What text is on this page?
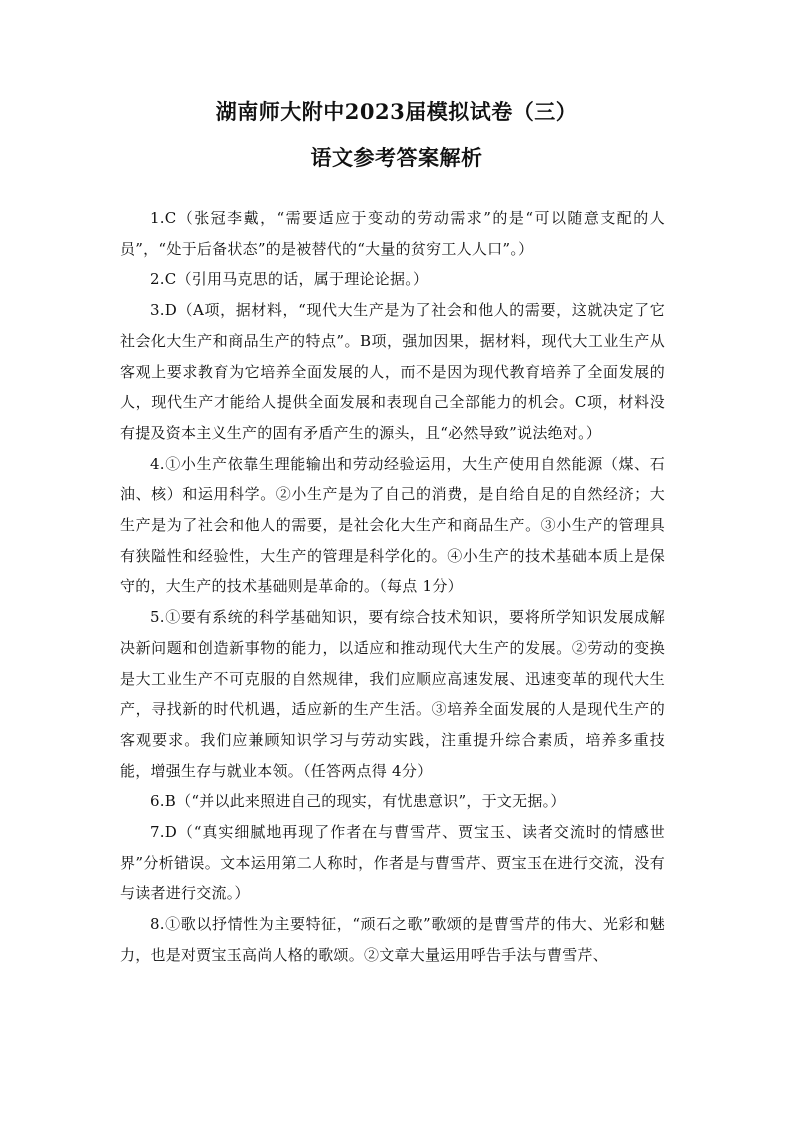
湖南师大附中2023届模拟试卷（三）
语文参考答案解析

1.C（张冠李戴，“需要适应于变动的劳动需求”的是“可以随意支配的人员”，“处于后备状态”的是被替代的“大量的贫穷工人人口”。）

2.C（引用马克思的话，属于理论论据。）

3.D（A项，据材料，“现代大生产是为了社会和他人的需要，这就决定了它社会化大生产和商品生产的特点”。B项，强加因果，据材料，现代大工业生产从客观上要求教育为它培养全面发展的人，而不是因为现代教育培养了全面发展的人，现代生产才能给人提供全面发展和表现自己全部能力的机会。C项，材料没有提及资本主义生产的固有矛盾产生的源头，且“必然导致”说法绝对。）

4.①小生产依靠生理能输出和劳动经验运用，大生产使用自然能源（煤、石油、核）和运用科学。②小生产是为了自己的消费，是自给自足的自然经济；大生产是为了社会和他人的需要，是社会化大生产和商品生产。③小生产的管理具有狭隘性和经验性，大生产的管理是科学化的。④小生产的技术基础本质上是保守的，大生产的技术基础则是革命的。（每点 1分）

5.①要有系统的科学基础知识，要有综合技术知识，要将所学知识发展成解决新问题和创造新事物的能力，以适应和推动现代大生产的发展。②劳动的变换是大工业生产不可克服的自然规律，我们应顺应高速发展、迅速变革的现代大生产，寻找新的时代机遇，适应新的生产生活。③培养全面发展的人是现代生产的客观要求。我们应兼顾知识学习与劳动实践，注重提升综合素质，培养多重技能，增强生存与就业本领。（任答两点得 4分）

6.B（“并以此来照进自己的现实，有忧患意识”，于文无据。）

7.D（“真实细腻地再现了作者在与曹雪芹、贾宝玉、读者交流时的情感世界”分析错误。文本运用第二人称时，作者是与曹雪芹、贾宝玉在进行交流，没有与读者进行交流。）

8.①歌以抒情性为主要特征，“顽石之歌”歌颂的是曹雪芹的伟大、光彩和魅力，也是对贾宝玉高尚人格的歌颂。②文章大量运用呼告手法与曹雪芹、
